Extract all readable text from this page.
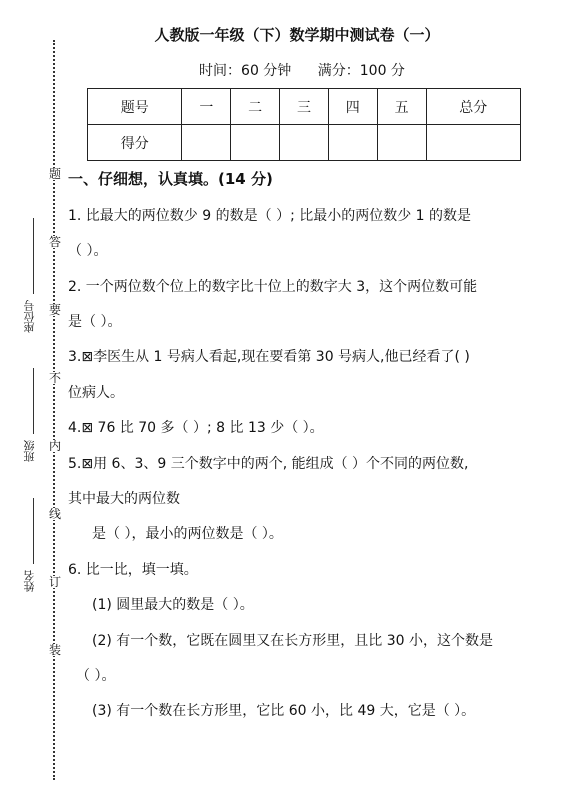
人教版一年级（下）数学期中测试卷（一）
时间：60 分钟 满分：100 分
题号	一	二	三	四	五	总分
得分						
题
答
要
不
内
线
订
装
座位号
班级
姓名
一、仔细想，认真填。(14 分)
1. 比最大的两位数少 9 的数是（ ）; 比最小的两位数少 1 的数是
（ ）。
2. 一个两位数个位上的数字比十位上的数字大 3，这个两位数可能
是（ ）。
3.⊠李医生从 1 号病人看起,现在要看第 30 号病人,他已经看了( )
位病人。
4.⊠ 76 比 70 多（ ）; 8 比 13 少（ ）。
5.⊠用 6、3、9 三个数字中的两个, 能组成（ ）个不同的两位数,
其中最大的两位数
是（ ），最小的两位数是（ ）。
6. 比一比，填一填。
(1) 圆里最大的数是（ ）。
(2) 有一个数，它既在圆里又在长方形里，且比 30 小，这个数是
（ ）。
(3) 有一个数在长方形里，它比 60 小，比 49 大，它是（ ）。
